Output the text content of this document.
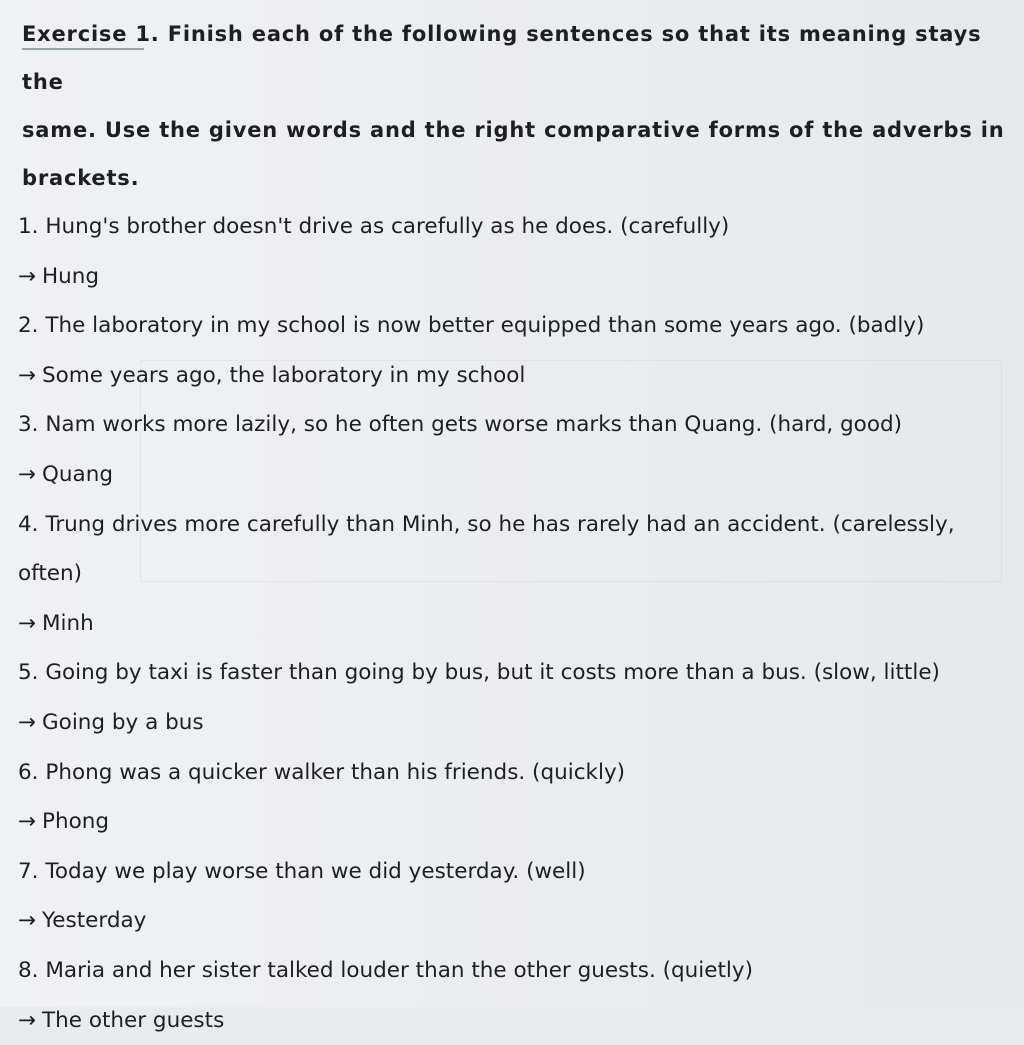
Exercise 1. Finish each of the following sentences so that its meaning stays the
same. Use the given words and the right comparative forms of the adverbs in
brackets.
1. Hung's brother doesn't drive as carefully as he does. (carefully)
→ Hung
2. The laboratory in my school is now better equipped than some years ago. (badly)
→ Some years ago, the laboratory in my school
3. Nam works more lazily, so he often gets worse marks than Quang. (hard, good)
→ Quang
4. Trung drives more carefully than Minh, so he has rarely had an accident. (carelessly,
often)
→ Minh
5. Going by taxi is faster than going by bus, but it costs more than a bus. (slow, little)
→ Going by a bus
6. Phong was a quicker walker than his friends. (quickly)
→ Phong
7. Today we play worse than we did yesterday. (well)
→ Yesterday
8. Maria and her sister talked louder than the other guests. (quietly)
→ The other guests
